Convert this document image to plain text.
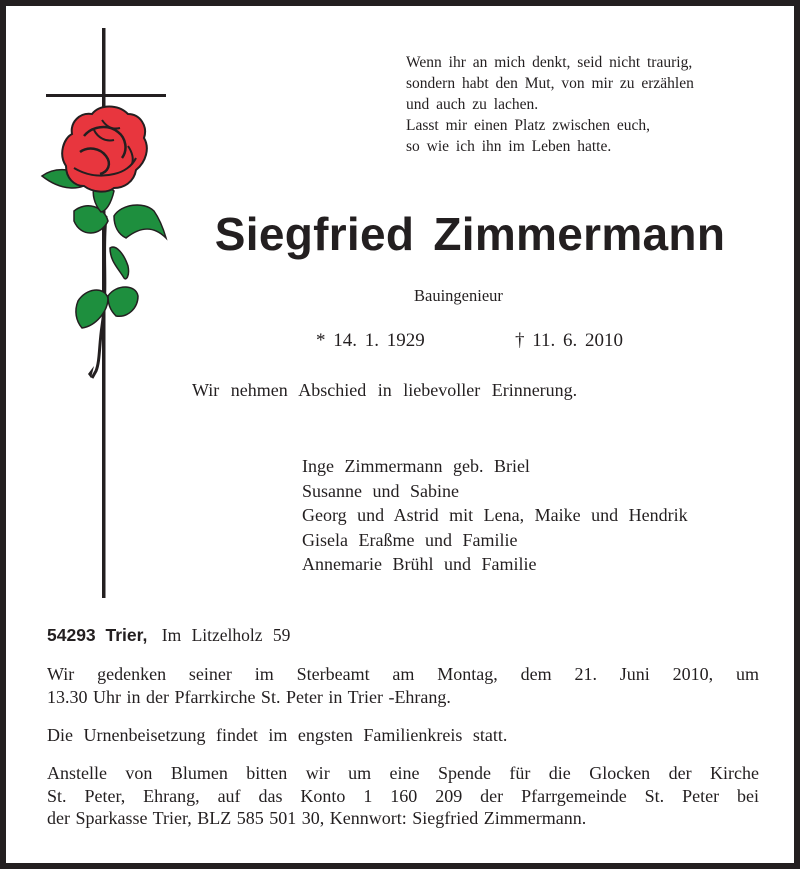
Wenn ihr an mich denkt, seid nicht traurig,
sondern habt den Mut, von mir zu erzählen
und auch zu lachen.
Lasst mir einen Platz zwischen euch,
so wie ich ihn im Leben hatte.
Siegfried Zimmermann
Bauingenieur
* 14. 1. 1929	† 11. 6. 2010
Wir nehmen Abschied in liebevoller Erinnerung.
Inge Zimmermann geb. Briel
Susanne und Sabine
Georg und Astrid mit Lena, Maike und Hendrik
Gisela Eraßme und Familie
Annemarie Brühl und Familie
54293 Trier, Im Litzelholz 59
Wir gedenken seiner im Sterbeamt am Montag, dem 21. Juni 2010, um
13.30 Uhr in der Pfarrkirche St. Peter in Trier -Ehrang.
Die Urnenbeisetzung findet im engsten Familienkreis statt.
Anstelle von Blumen bitten wir um eine Spende für die Glocken der Kirche
St. Peter, Ehrang, auf das Konto 1 160 209 der Pfarrgemeinde St. Peter bei
der Sparkasse Trier, BLZ 585 501 30, Kennwort: Siegfried Zimmermann.
